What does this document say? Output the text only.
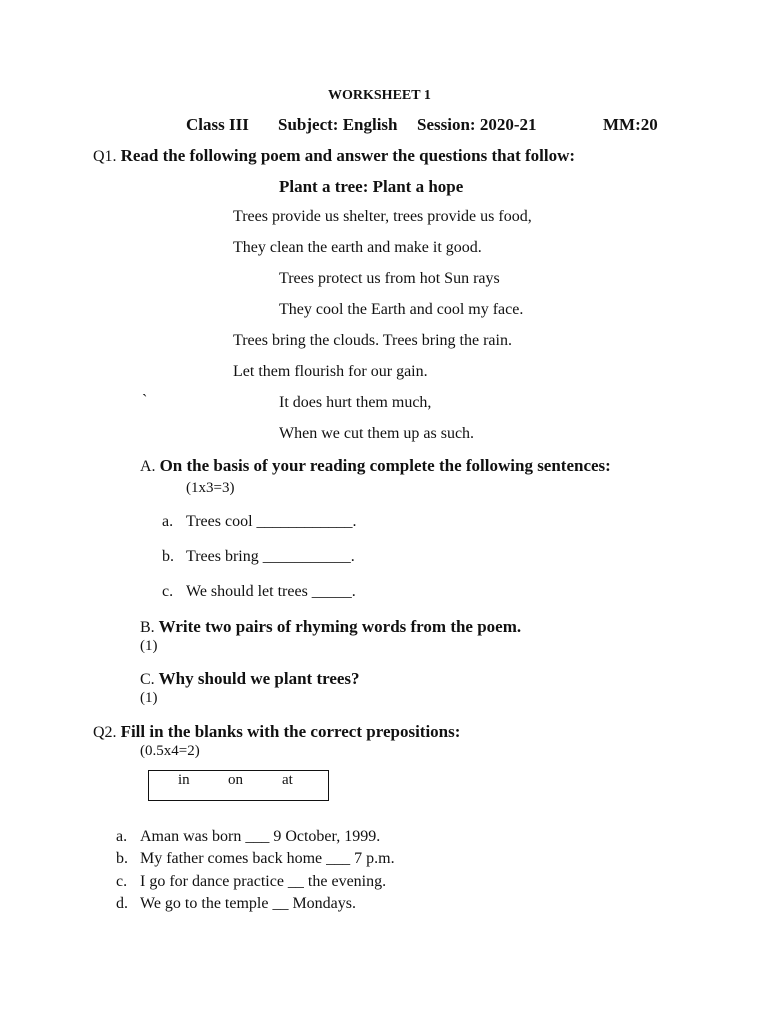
WORKSHEET 1
Class III Subject: English Session: 2020-21	MM:20
Q1. Read the following poem and answer the questions that follow:
Plant a tree: Plant a hope
Trees provide us shelter, trees provide us food,
They clean the earth and make it good.
Trees protect us from hot Sun rays
They cool the Earth and cool my face.
Trees bring the clouds. Trees bring the rain.
Let them flourish for our gain.
`	It does hurt them much,
When we cut them up as such.
A. On the basis of your reading complete the following sentences:
(1x3=3)
a. Trees cool ____________.
b. Trees bring ___________.
c. We should let trees _____.
B. Write two pairs of rhyming words from the poem.
(1)
C. Why should we plant trees?
(1)
Q2. Fill in the blanks with the correct prepositions:
(0.5x4=2)
in	on	at
a. Aman was born ___ 9 October, 1999.
b. My father comes back home ___ 7 p.m.
c. I go for dance practice __ the evening.
d. We go to the temple __ Mondays.
